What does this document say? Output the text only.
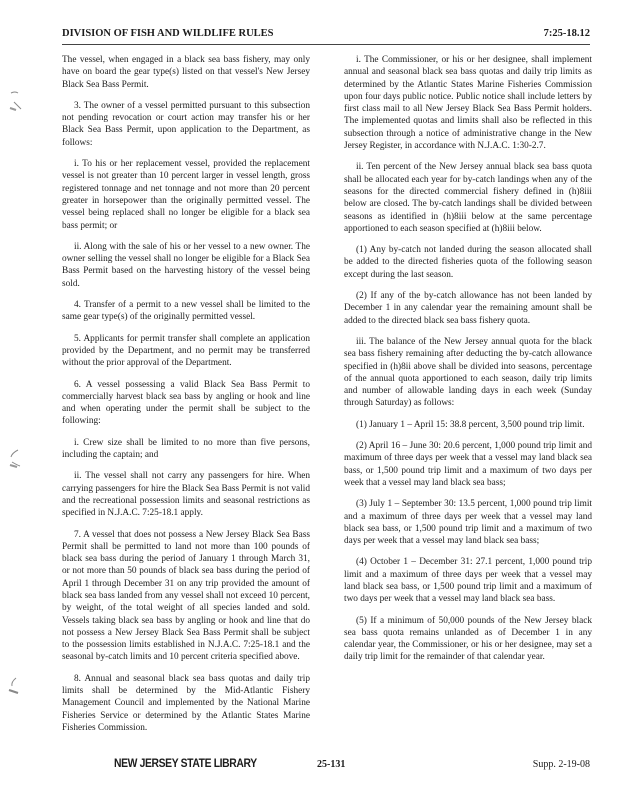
DIVISION OF FISH AND WILDLIFE RULES	7:25-18.12

The vessel, when engaged in a black sea bass fishery, may only have on board the gear type(s) listed on that vessel's New Jersey Black Sea Bass Permit.

3. The owner of a vessel permitted pursuant to this subsection not pending revocation or court action may transfer his or her Black Sea Bass Permit, upon application to the Department, as follows:

i. To his or her replacement vessel, provided the replacement vessel is not greater than 10 percent larger in vessel length, gross registered tonnage and net tonnage and not more than 20 percent greater in horsepower than the originally permitted vessel. The vessel being replaced shall no longer be eligible for a black sea bass permit; or

ii. Along with the sale of his or her vessel to a new owner. The owner selling the vessel shall no longer be eligible for a Black Sea Bass Permit based on the harvesting history of the vessel being sold.

4. Transfer of a permit to a new vessel shall be limited to the same gear type(s) of the originally permitted vessel.

5. Applicants for permit transfer shall complete an application provided by the Department, and no permit may be transferred without the prior approval of the Department.

6. A vessel possessing a valid Black Sea Bass Permit to commercially harvest black sea bass by angling or hook and line and when operating under the permit shall be subject to the following:

i. Crew size shall be limited to no more than five persons, including the captain; and

ii. The vessel shall not carry any passengers for hire. When carrying passengers for hire the Black Sea Bass Permit is not valid and the recreational possession limits and seasonal restrictions as specified in N.J.A.C. 7:25-18.1 apply.

7. A vessel that does not possess a New Jersey Black Sea Bass Permit shall be permitted to land not more than 100 pounds of black sea bass during the period of January 1 through March 31, or not more than 50 pounds of black sea bass during the period of April 1 through December 31 on any trip provided the amount of black sea bass landed from any vessel shall not exceed 10 percent, by weight, of the total weight of all species landed and sold. Vessels taking black sea bass by angling or hook and line that do not possess a New Jersey Black Sea Bass Permit shall be subject to the possession limits established in N.J.A.C. 7:25-18.1 and the seasonal by-catch limits and 10 percent criteria specified above.

8. Annual and seasonal black sea bass quotas and daily trip limits shall be determined by the Mid-Atlantic Fishery Management Council and implemented by the National Marine Fisheries Service or determined by the Atlantic States Marine Fisheries Commission.

i. The Commissioner, or his or her designee, shall implement annual and seasonal black sea bass quotas and daily trip limits as determined by the Atlantic States Marine Fisheries Commission upon four days public notice. Public notice shall include letters by first class mail to all New Jersey Black Sea Bass Permit holders. The implemented quotas and limits shall also be reflected in this subsection through a notice of administrative change in the New Jersey Register, in accordance with N.J.A.C. 1:30-2.7.

ii. Ten percent of the New Jersey annual black sea bass quota shall be allocated each year for by-catch landings when any of the seasons for the directed commercial fishery defined in (h)8iii below are closed. The by-catch landings shall be divided between seasons as identified in (h)8iii below at the same percentage apportioned to each season specified at (h)8iii below.

(1) Any by-catch not landed during the season allocated shall be added to the directed fisheries quota of the following season except during the last season.

(2) If any of the by-catch allowance has not been landed by December 1 in any calendar year the remaining amount shall be added to the directed black sea bass fishery quota.

iii. The balance of the New Jersey annual quota for the black sea bass fishery remaining after deducting the by-catch allowance specified in (h)8ii above shall be divided into seasons, percentage of the annual quota apportioned to each season, daily trip limits and number of allowable landing days in each week (Sunday through Saturday) as follows:

(1) January 1 – April 15: 38.8 percent, 3,500 pound trip limit.

(2) April 16 – June 30: 20.6 percent, 1,000 pound trip limit and maximum of three days per week that a vessel may land black sea bass, or 1,500 pound trip limit and a maximum of two days per week that a vessel may land black sea bass;

(3) July 1 – September 30: 13.5 percent, 1,000 pound trip limit and a maximum of three days per week that a vessel may land black sea bass, or 1,500 pound trip limit and a maximum of two days per week that a vessel may land black sea bass;

(4) October 1 – December 31: 27.1 percent, 1,000 pound trip limit and a maximum of three days per week that a vessel may land black sea bass, or 1,500 pound trip limit and a maximum of two days per week that a vessel may land black sea bass.

(5) If a minimum of 50,000 pounds of the New Jersey black sea bass quota remains unlanded as of December 1 in any calendar year, the Commissioner, or his or her designee, may set a daily trip limit for the remainder of that calendar year.

NEW JERSEY STATE LIBRARY	25-131	Supp. 2-19-08
